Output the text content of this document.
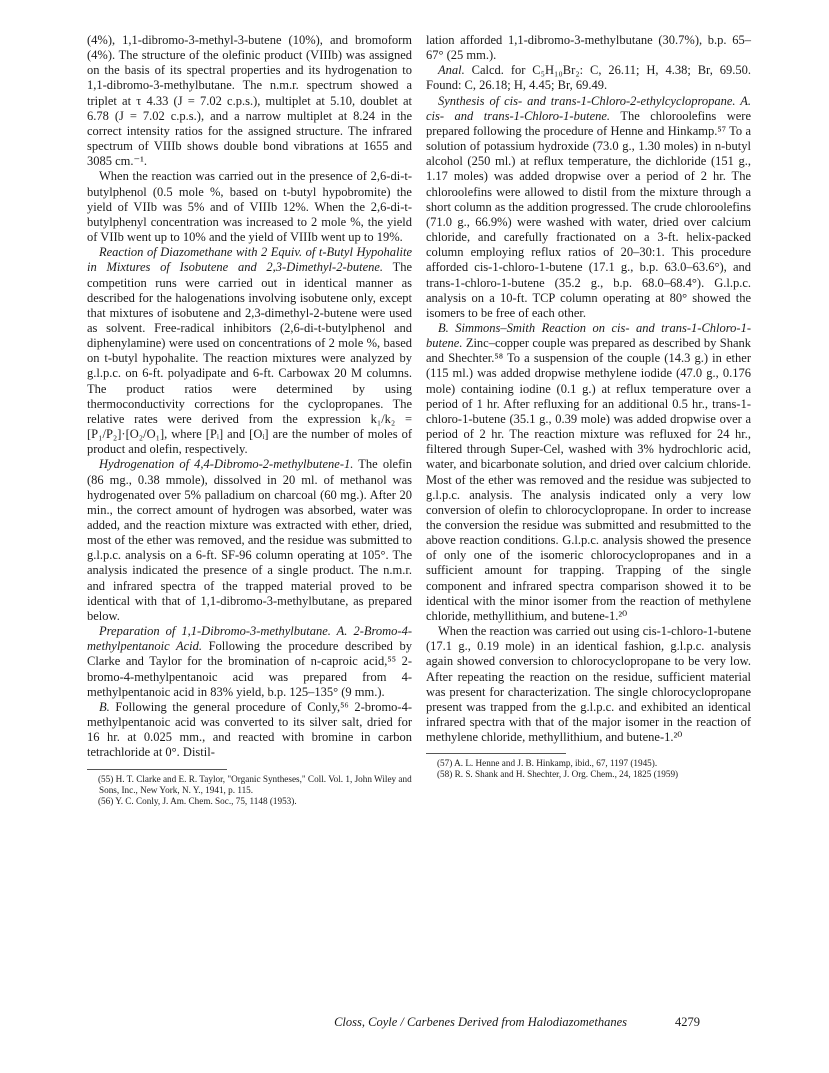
(4%), 1,1-dibromo-3-methyl-3-butene (10%), and bromoform (4%). The structure of the olefinic product (VIIIb) was assigned on the basis of its spectral properties and its hydrogenation to 1,1-dibromo-3-methylbutane. The n.m.r. spectrum showed a triplet at τ 4.33 (J = 7.02 c.p.s.), multiplet at 5.10, doublet at 6.78 (J = 7.02 c.p.s.), and a narrow multiplet at 8.24 in the correct intensity ratios for the assigned structure. The infrared spectrum of VIIIb shows double bond vibrations at 1655 and 3085 cm.⁻¹.

When the reaction was carried out in the presence of 2,6-di-t-butylphenol (0.5 mole %, based on t-butyl hypobromite) the yield of VIIb was 5% and of VIIIb 12%. When the 2,6-di-t-butylphenyl concentration was increased to 2 mole %, the yield of VIIb went up to 10% and the yield of VIIIb went up to 19%.

Reaction of Diazomethane with 2 Equiv. of t-Butyl Hypohalite in Mixtures of Isobutene and 2,3-Dimethyl-2-butene. The competition runs were carried out in identical manner as described for the halogenations involving isobutene only, except that mixtures of isobutene and 2,3-dimethyl-2-butene were used as solvent. Free-radical inhibitors (2,6-di-t-butylphenol and diphenylamine) were used on concentrations of 2 mole %, based on t-butyl hypohalite. The reaction mixtures were analyzed by g.l.p.c. on 6-ft. polyadipate and 6-ft. Carbowax 20 M columns. The product ratios were determined by using thermoconductivity corrections for the cyclopropanes. The relative rates were derived from the expression k₁/k₂ = [P₁/P₂]·[O₂/O₁], where [Pᵢ] and [Oᵢ] are the number of moles of product and olefin, respectively.

Hydrogenation of 4,4-Dibromo-2-methylbutene-1. The olefin (86 mg., 0.38 mmole), dissolved in 20 ml. of methanol was hydrogenated over 5% palladium on charcoal (60 mg.). After 20 min., the correct amount of hydrogen was absorbed, water was added, and the reaction mixture was extracted with ether, dried, most of the ether was removed, and the residue was submitted to g.l.p.c. analysis on a 6-ft. SF-96 column operating at 105°. The analysis indicated the presence of a single product. The n.m.r. and infrared spectra of the trapped material proved to be identical with that of 1,1-dibromo-3-methylbutane, as prepared below.

Preparation of 1,1-Dibromo-3-methylbutane. A. 2-Bromo-4-methylpentanoic Acid. Following the procedure described by Clarke and Taylor for the bromination of n-caproic acid,⁵⁵ 2-bromo-4-methylpentanoic acid was prepared from 4-methylpentanoic acid in 83% yield, b.p. 125–135° (9 mm.).

B. Following the general procedure of Conly,⁵⁶ 2-bromo-4-methylpentanoic acid was converted to its silver salt, dried for 16 hr. at 0.025 mm., and reacted with bromine in carbon tetrachloride at 0°. Distil-

(55) H. T. Clarke and E. R. Taylor, "Organic Syntheses," Coll. Vol. 1, John Wiley and Sons, Inc., New York, N. Y., 1941, p. 115.

(56) Y. C. Conly, J. Am. Chem. Soc., 75, 1148 (1953).

lation afforded 1,1-dibromo-3-methylbutane (30.7%), b.p. 65–67° (25 mm.).

Anal. Calcd. for C₅H₁₀Br₂: C, 26.11; H, 4.38; Br, 69.50. Found: C, 26.18; H, 4.45; Br, 69.49.

Synthesis of cis- and trans-1-Chloro-2-ethylcyclopropane. A. cis- and trans-1-Chloro-1-butene. The chloroolefins were prepared following the procedure of Henne and Hinkamp.⁵⁷ To a solution of potassium hydroxide (73.0 g., 1.30 moles) in n-butyl alcohol (250 ml.) at reflux temperature, the dichloride (151 g., 1.17 moles) was added dropwise over a period of 2 hr. The chloroolefins were allowed to distil from the mixture through a short column as the addition progressed. The crude chloroolefins (71.0 g., 66.9%) were washed with water, dried over calcium chloride, and carefully fractionated on a 3-ft. helix-packed column employing reflux ratios of 20–30:1. This procedure afforded cis-1-chloro-1-butene (17.1 g., b.p. 63.0–63.6°), and trans-1-chloro-1-butene (35.2 g., b.p. 68.0–68.4°). G.l.p.c. analysis on a 10-ft. TCP column operating at 80° showed the isomers to be free of each other.

B. Simmons–Smith Reaction on cis- and trans-1-Chloro-1-butene. Zinc–copper couple was prepared as described by Shank and Shechter.⁵⁸ To a suspension of the couple (14.3 g.) in ether (115 ml.) was added dropwise methylene iodide (47.0 g., 0.176 mole) containing iodine (0.1 g.) at reflux temperature over a period of 1 hr. After refluxing for an additional 0.5 hr., trans-1-chloro-1-butene (35.1 g., 0.39 mole) was added dropwise over a period of 2 hr. The reaction mixture was refluxed for 24 hr., filtered through Super-Cel, washed with 3% hydrochloric acid, water, and bicarbonate solution, and dried over calcium chloride. Most of the ether was removed and the residue was subjected to g.l.p.c. analysis. The analysis indicated only a very low conversion of olefin to chlorocyclopropane. In order to increase the conversion the residue was submitted and resubmitted to the above reaction conditions. G.l.p.c. analysis showed the presence of only one of the isomeric chlorocyclopropanes and in a sufficient amount for trapping. Trapping of the single component and infrared spectra comparison showed it to be identical with the minor isomer from the reaction of methylene chloride, methyllithium, and butene-1.²⁰

When the reaction was carried out using cis-1-chloro-1-butene (17.1 g., 0.19 mole) in an identical fashion, g.l.p.c. analysis again showed conversion to chlorocyclopropane to be very low. After repeating the reaction on the residue, sufficient material was present for characterization. The single chlorocyclopropane present was trapped from the g.l.p.c. and exhibited an identical infrared spectra with that of the major isomer in the reaction of methylene chloride, methyllithium, and butene-1.²⁰

(57) A. L. Henne and J. B. Hinkamp, ibid., 67, 1197 (1945).

(58) R. S. Shank and H. Shechter, J. Org. Chem., 24, 1825 (1959)

Closs, Coyle / Carbenes Derived from Halodiazomethanes	4279
